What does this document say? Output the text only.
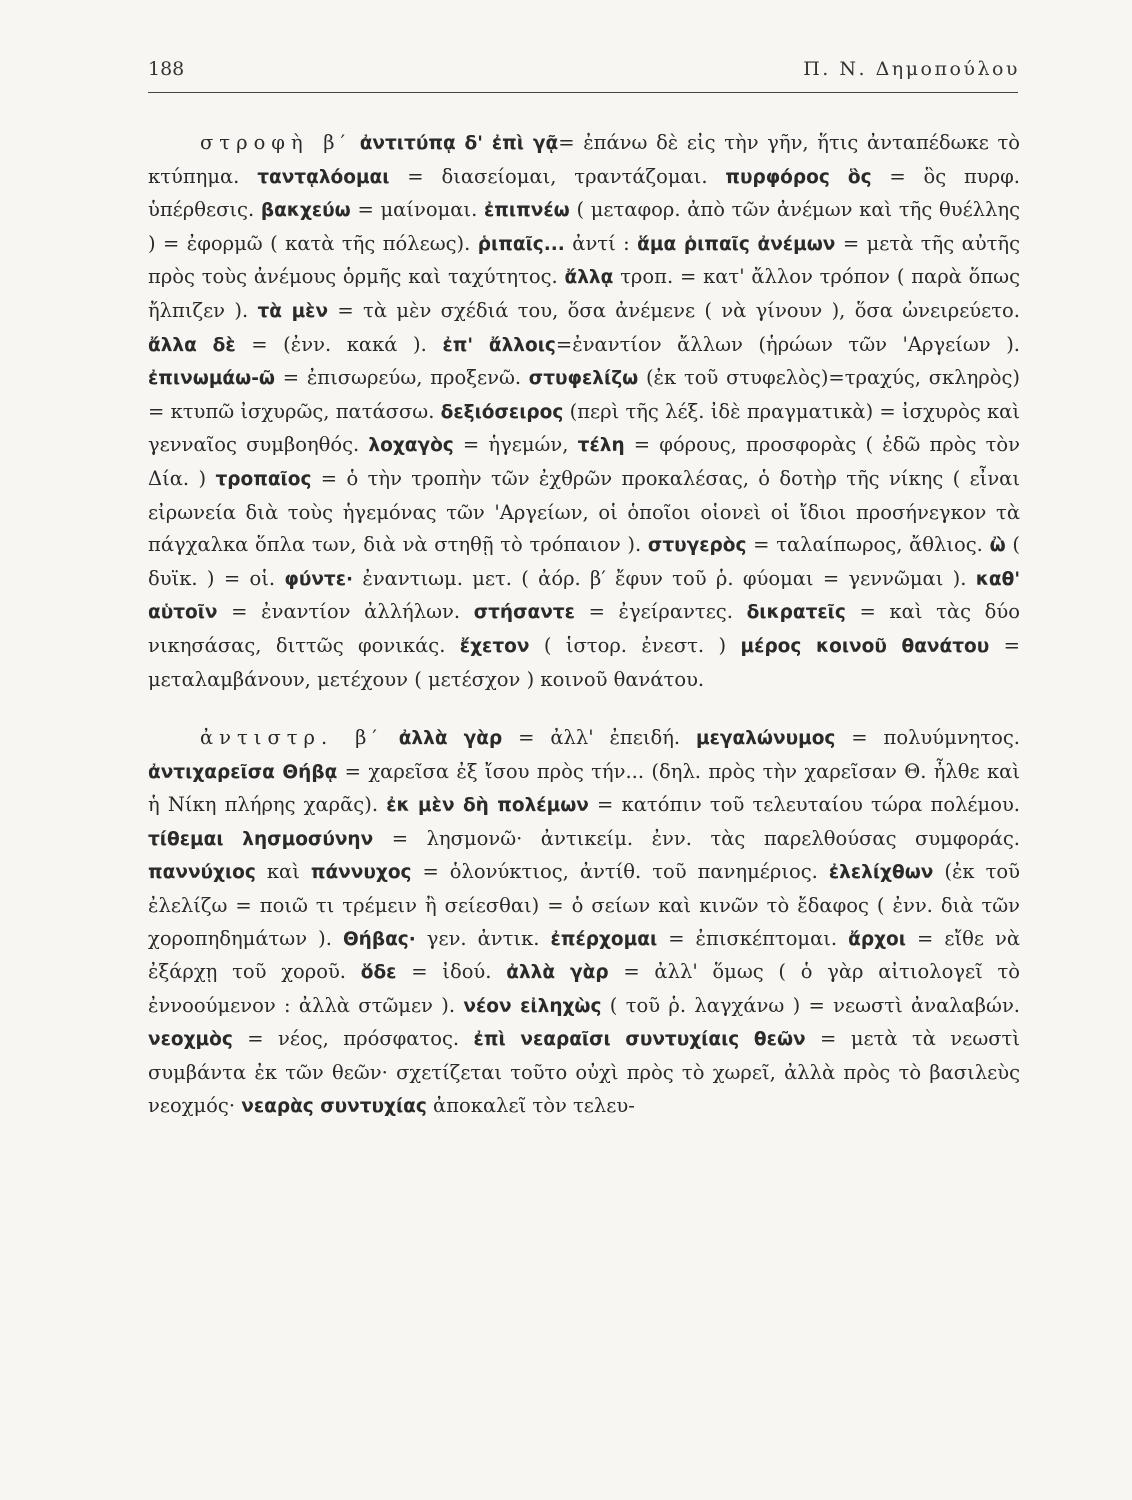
188	Π. Ν. Δημοπούλου

στροφὴ β′ ἀντιτύπᾳ δ' ἐπὶ γᾷ= ἐπάνω δὲ εἰς τὴν γῆν, ἥτις ἀνταπέδωκε τὸ κτύπημα. ταντᾳλόομαι = διασείομαι, τραντάζομαι. πυρφόρος ὃς = ὃς πυρφ. ὑπέρθεσις. βακχεύω = μαίνομαι. ἐπιπνέω ( μεταφορ. ἀπὸ τῶν ἀνέμων καὶ τῆς θυέλλης ) = ἐφορμῶ ( κατὰ τῆς πόλεως). ῥιπαῖς... ἀντί : ἅμα ῥιπαῖς ἀνέμων = μετὰ τῆς αὐτῆς πρὸς τοὺς ἀνέμους ὁρμῆς καὶ ταχύτητος. ἄλλᾳ τροπ. = κατ' ἄλλον τρόπον ( παρὰ ὅπως ἤλπιζεν ). τὰ μὲν = τὰ μὲν σχέδιά του, ὅσα ἀνέμενε ( νὰ γίνουν ), ὅσα ὠνειρεύετο. ἄλλα δὲ = (ἐνν. κακά ). ἐπ' ἄλλοις=ἐναντίον ἄλλων (ἡρώων τῶν 'Αργείων ). ἐπινωμάω-ῶ = ἐπισωρεύω, προξενῶ. στυφελίζω (ἐκ τοῦ στυφελὸς)=τραχύς, σκληρὸς) = κτυπῶ ἰσχυρῶς, πατάσσω. δεξιόσειρος (περὶ τῆς λέξ. ἰδὲ πραγματικὰ) = ἰσχυρὸς καὶ γενναῖος συμβοηθός. λοχαγὸς = ἡγεμών, τέλη = φόρους, προσφορὰς ( ἐδῶ πρὸς τὸν Δία. ) τροπαῖος = ὁ τὴν τροπὴν τῶν ἐχθρῶν προκαλέσας, ὁ δοτὴρ τῆς νίκης ( εἶναι εἰρωνεία διὰ τοὺς ἡγεμόνας τῶν 'Αργείων, οἱ ὁποῖοι οἱονεὶ οἱ ἴδιοι προσήνεγκον τὰ πάγχαλκα ὅπλα των, διὰ νὰ στηθῇ τὸ τρόπαιον ). στυγερὸς = ταλαίπωρος, ἄθλιος. ὢ ( δυϊκ. ) = οἱ. φύντε· ἐναντιωμ. μετ. ( ἀόρ. β′ ἔφυν τοῦ ῥ. φύομαι = γεννῶμαι ). καθ' αὑτοῖν = ἐναντίον ἀλλήλων. στήσαντε = ἐγείραντες. δικρατεῖς = καὶ τὰς δύο νικησάσας, διττῶς φονικάς. ἔχετον ( ἱστορ. ἐνεστ. ) μέρος κοινοῦ θανάτου = μεταλαμβάνουν, μετέχουν ( μετέσχον ) κοινοῦ θανάτου.

ἀντιστρ. β′ ἀλλὰ γὰρ = ἀλλ' ἐπειδή. μεγαλώνυμος = πολυύμνητος. ἀντιχαρεῖσα Θήβᾳ = χαρεῖσα ἐξ ἴσου πρὸς τήν... (δηλ. πρὸς τὴν χαρεῖσαν Θ. ἦλθε καὶ ἡ Νίκη πλήρης χαρᾶς). ἐκ μὲν δὴ πολέμων = κατόπιν τοῦ τελευταίου τώρα πολέμου. τίθεμαι λησμοσύνην = λησμονῶ· ἀντικείμ. ἐνν. τὰς παρελθούσας συμφοράς. παννύχιος καὶ πάννυχος = ὁλονύκτιος, ἀντίθ. τοῦ πανημέριος. ἐλελίχθων (ἐκ τοῦ ἐλελίζω = ποιῶ τι τρέμειν ἢ σείεσθαι) = ὁ σείων καὶ κινῶν τὸ ἔδαφος ( ἐνν. διὰ τῶν χοροπηδημάτων ). Θήβας· γεν. ἀντικ. ἐπέρχομαι = ἐπισκέπτομαι. ἄρχοι = εἴθε νὰ ἐξάρχῃ τοῦ χοροῦ. ὅδε = ἰδού. ἀλλὰ γὰρ = ἀλλ' ὅμως ( ὁ γὰρ αἰτιολογεῖ τὸ ἐννοούμενον : ἀλλὰ στῶμεν ). νέον εἰληχὼς ( τοῦ ῥ. λαγχάνω ) = νεωστὶ ἀναλαβών. νεοχμὸς = νέος, πρόσφατος. ἐπὶ νεαραῖσι συντυχίαις θεῶν = μετὰ τὰ νεωστὶ συμβάντα ἐκ τῶν θεῶν· σχετίζεται τοῦτο οὐχὶ πρὸς τὸ χωρεῖ, ἀλλὰ πρὸς τὸ βασιλεὺς νεοχμός· νεαρὰς συντυχίας ἀποκαλεῖ τὸν τελευ-
